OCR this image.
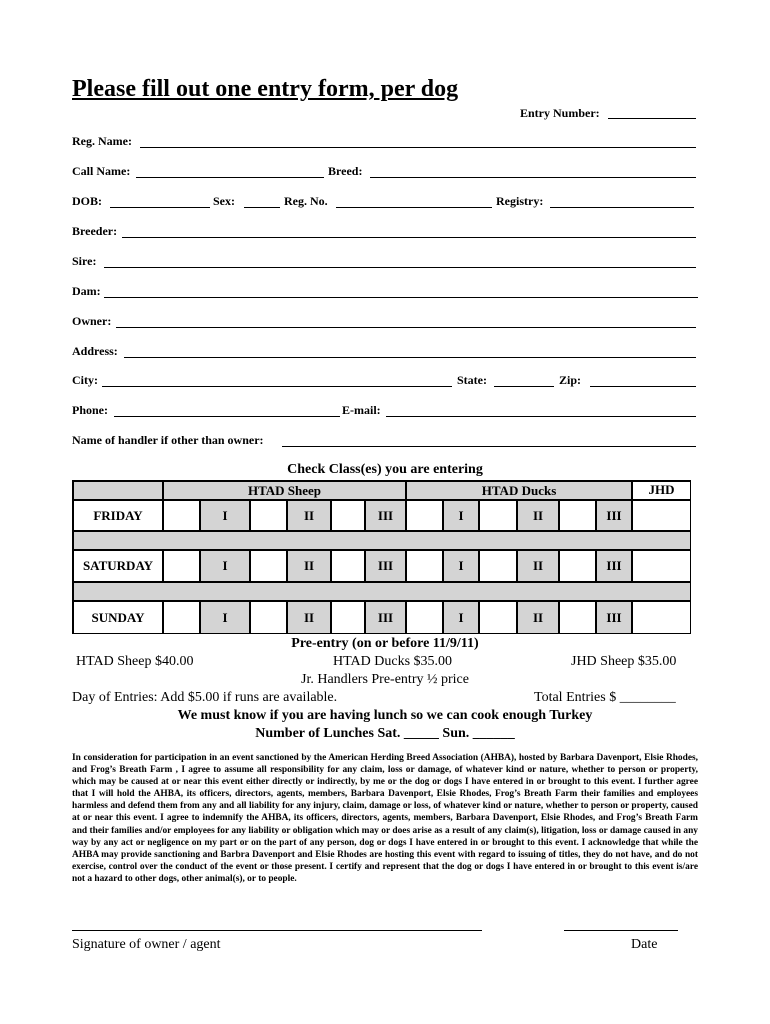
Please fill out one entry form, per dog
Entry Number:
Reg. Name:
Call Name:	Breed:
DOB:	Sex:	Reg. No.	Registry:
Breeder:
Sire:
Dam:
Owner:
Address:
City:	State:	Zip:
Phone:	E-mail:
Name of handler if other than owner:
Check Class(es) you are entering
HTAD Sheep	HTAD Ducks	JHD
FRIDAY	I	II	III	I	II	III
SATURDAY	I	II	III	I	II	III
SUNDAY	I	II	III	I	II	III
Pre-entry (on or before 11/9/11)
HTAD Sheep $40.00	HTAD Ducks $35.00	JHD Sheep $35.00
Jr. Handlers Pre-entry ½ price
Day of Entries: Add $5.00 if runs are available.	Total Entries $ ________
We must know if you are having lunch so we can cook enough Turkey
Number of Lunches Sat. _____ Sun. ______
In consideration for participation in an event sanctioned by the American Herding Breed Association (AHBA), hosted by Barbara Davenport, Elsie Rhodes, and Frog’s Breath Farm , I agree to assume all responsibility for any claim, loss or damage, of whatever kind or nature, whether to person or property, which may be caused at or near this event either directly or indirectly, by me or the dog or dogs I have entered in or brought to this event. I further agree that I will hold the AHBA, its officers, directors, agents, members, Barbara Davenport, Elsie Rhodes, Frog’s Breath Farm their families and employees harmless and defend them from any and all liability for any injury, claim, damage or loss, of whatever kind or nature, whether to person or property, caused at or near this event. I agree to indemnify the AHBA, its officers, directors, agents, members, Barbara Davenport, Elsie Rhodes, and Frog’s Breath Farm and their families and/or employees for any liability or obligation which may or does arise as a result of any claim(s), litigation, loss or damage caused in any way by any act or negligence on my part or on the part of any person, dog or dogs I have entered in or brought to this event. I acknowledge that while the AHBA may provide sanctioning and Barbra Davenport and Elsie Rhodes are hosting this event with regard to issuing of titles, they do not have, and do not exercise, control over the conduct of the event or those present. I certify and represent that the dog or dogs I have entered in or brought to this event is/are not a hazard to other dogs, other animal(s), or to people.
Signature of owner / agent	Date
